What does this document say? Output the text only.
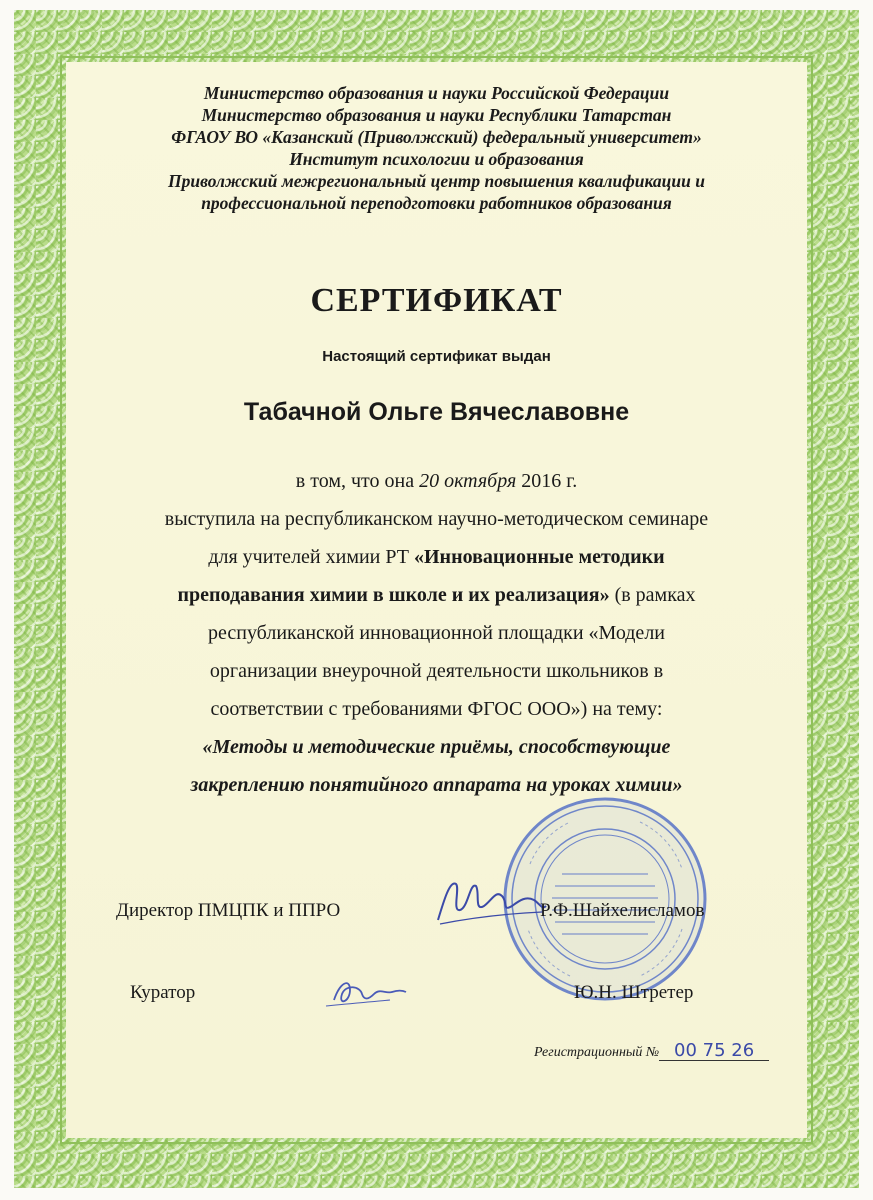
Министерство образования и науки Российской Федерации
Министерство образования и науки Республики Татарстан
ФГАОУ ВО «Казанский (Приволжский) федеральный университет»
Институт психологии и образования
Приволжский межрегиональный центр повышения квалификации и
профессиональной переподготовки работников образования
СЕРТИФИКАТ
Настоящий сертификат выдан
Табачной Ольге Вячеславовне
в том, что она 20 октября 2016 г.
выступила на республиканском научно-методическом семинаре
для учителей химии РТ «Инновационные методики
преподавания химии в школе и их реализация» (в рамках
республиканской инновационной площадки «Модели
организации внеурочной деятельности школьников в
соответствии с требованиями ФГОС ООО») на тему:
«Методы и методические приёмы, способствующие
закреплению понятийного аппарата на уроках химии»
Директор ПМЦПК и ППРО	Р.Ф.Шайхелисламов
Куратор	Ю.Н. Штретер
Регистрационный № 00 75 26
